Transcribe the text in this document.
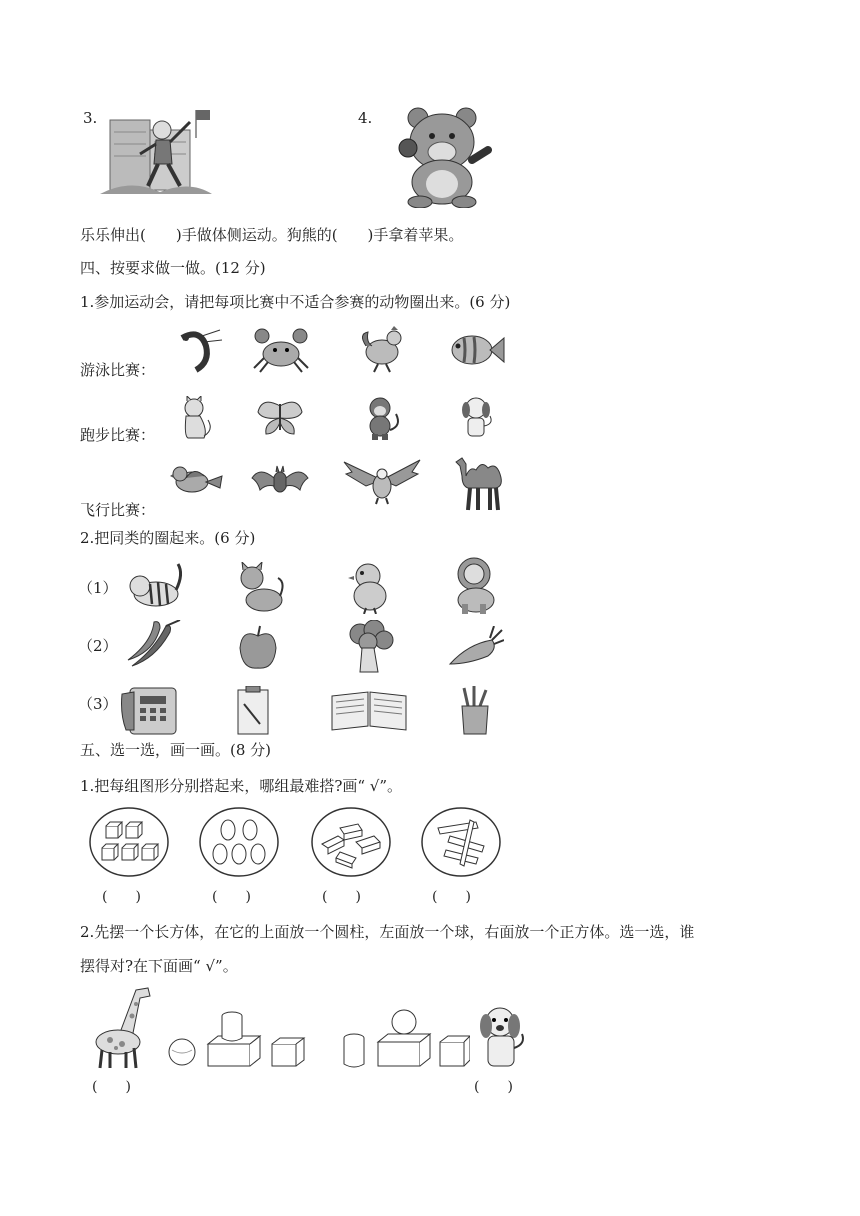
3.	4.
乐乐伸出(　　)手做体侧运动。狗熊的(　　)手拿着苹果。
四、按要求做一做。(12 分)
1.参加运动会，请把每项比赛中不适合参赛的动物圈出来。(6 分)
游泳比赛：
跑步比赛：
飞行比赛：
2.把同类的圈起来。(6 分)
（1）
（2）
（3）
五、选一选，画一画。(8 分)
1.把每组图形分别搭起来，哪组最难搭?画“ √”。
(　　)	(　　)	(　　)	(　　)
2.先摆一个长方体，在它的上面放一个圆柱，左面放一个球，右面放一个正方体。选一选，谁
摆得对?在下面画“ √”。
(　　)	(　　)
